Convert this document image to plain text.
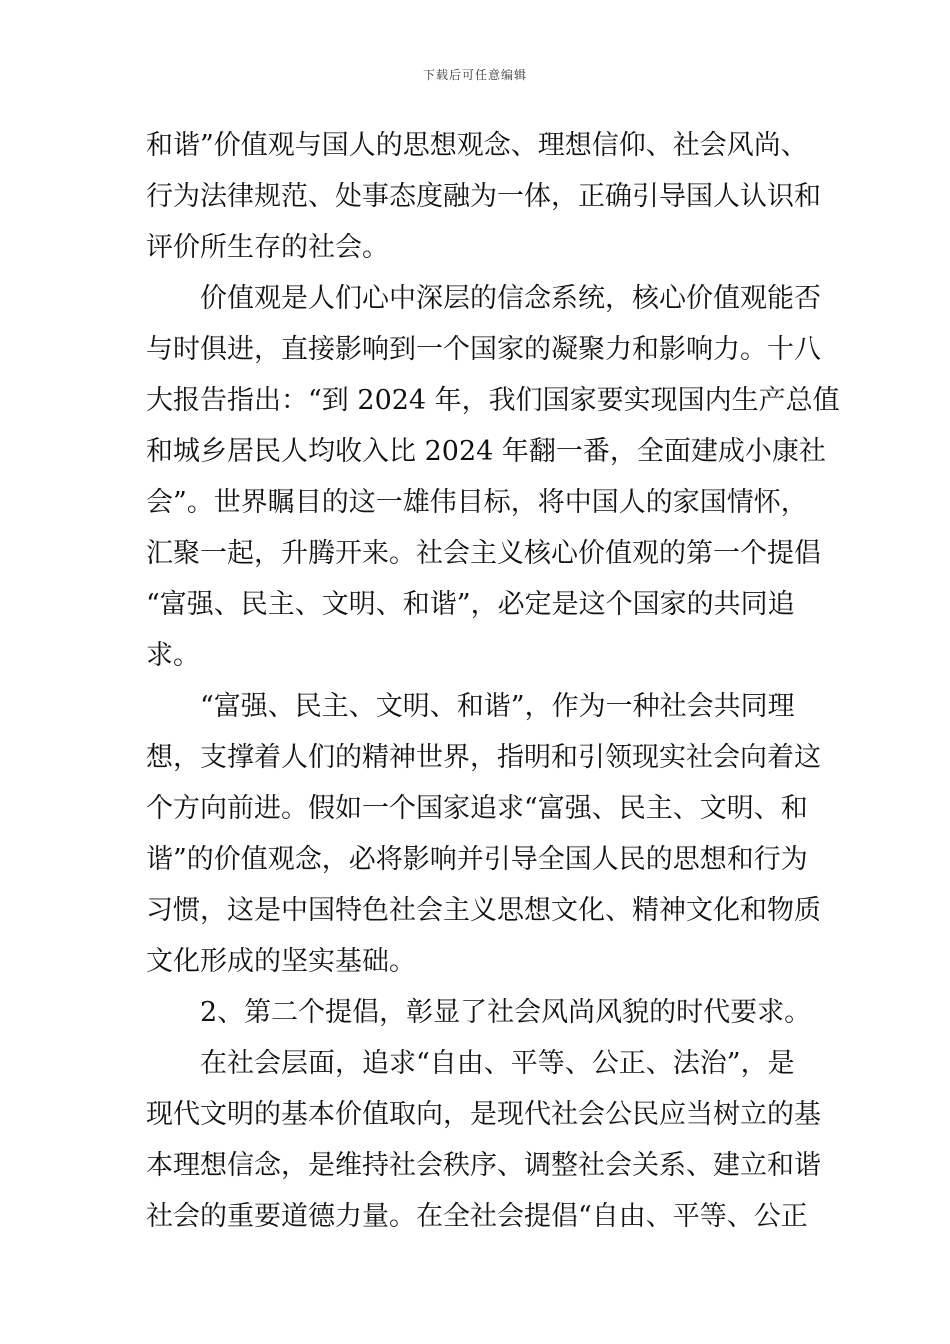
下载后可任意编辑
和谐”价值观与国人的思想观念、理想信仰、社会风尚、
行为法律规范、处事态度融为一体，正确引导国人认识和
评价所生存的社会。
价值观是人们心中深层的信念系统，核心价值观能否
与时俱进，直接影响到一个国家的凝聚力和影响力。十八
大报告指出：“到 2024 年，我们国家要实现国内生产总值
和城乡居民人均收入比 2024 年翻一番，全面建成小康社
会”。世界瞩目的这一雄伟目标，将中国人的家国情怀，
汇聚一起，升腾开来。社会主义核心价值观的第一个提倡
“富强、民主、文明、和谐”，必定是这个国家的共同追
求。
“富强、民主、文明、和谐”，作为一种社会共同理
想，支撑着人们的精神世界，指明和引领现实社会向着这
个方向前进。假如一个国家追求“富强、民主、文明、和
谐”的价值观念，必将影响并引导全国人民的思想和行为
习惯，这是中国特色社会主义思想文化、精神文化和物质
文化形成的坚实基础。
2、第二个提倡，彰显了社会风尚风貌的时代要求。
在社会层面，追求“自由、平等、公正、法治”，是
现代文明的基本价值取向，是现代社会公民应当树立的基
本理想信念，是维持社会秩序、调整社会关系、建立和谐
社会的重要道德力量。在全社会提倡“自由、平等、公正
